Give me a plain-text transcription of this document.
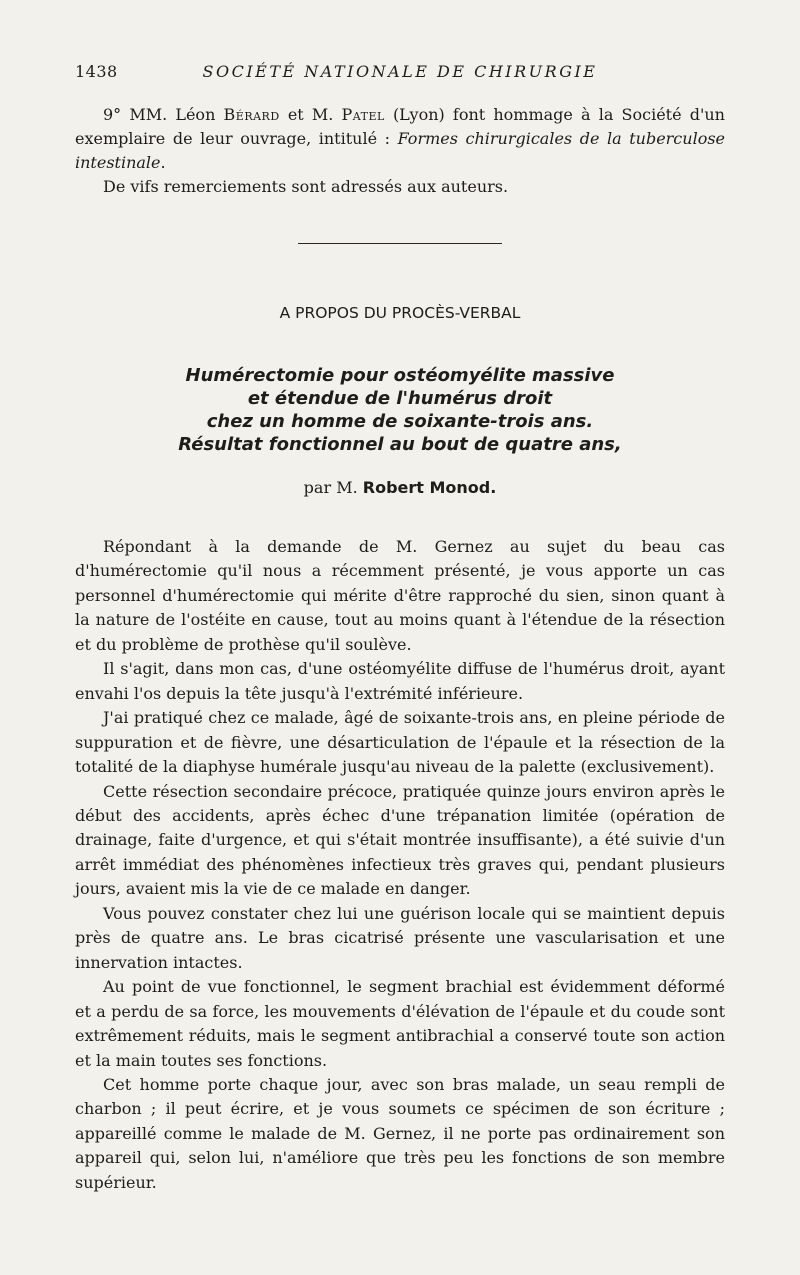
1438	SOCIÉTÉ NATIONALE DE CHIRURGIE

9° MM. Léon Bérard et M. Patel (Lyon) font hommage à la Société d'un exemplaire de leur ouvrage, intitulé : Formes chirurgicales de la tuberculose intestinale.

De vifs remerciements sont adressés aux auteurs.

A PROPOS DU PROCÈS-VERBAL
Humérectomie pour ostéomyélite massive
et étendue de l'humérus droit
chez un homme de soixante-trois ans.
Résultat fonctionnel au bout de quatre ans,
par M. Robert Monod.

Répondant à la demande de M. Gernez au sujet du beau cas d'humérectomie qu'il nous a récemment présenté, je vous apporte un cas personnel d'humérectomie qui mérite d'être rapproché du sien, sinon quant à la nature de l'ostéite en cause, tout au moins quant à l'étendue de la résection et du problème de prothèse qu'il soulève.

Il s'agit, dans mon cas, d'une ostéomyélite diffuse de l'humérus droit, ayant envahi l'os depuis la tête jusqu'à l'extrémité inférieure.

J'ai pratiqué chez ce malade, âgé de soixante-trois ans, en pleine période de suppuration et de fièvre, une désarticulation de l'épaule et la résection de la totalité de la diaphyse humérale jusqu'au niveau de la palette (exclusivement).

Cette résection secondaire précoce, pratiquée quinze jours environ après le début des accidents, après échec d'une trépanation limitée (opération de drainage, faite d'urgence, et qui s'était montrée insuffisante), a été suivie d'un arrêt immédiat des phénomènes infectieux très graves qui, pendant plusieurs jours, avaient mis la vie de ce malade en danger.

Vous pouvez constater chez lui une guérison locale qui se maintient depuis près de quatre ans. Le bras cicatrisé présente une vascularisation et une innervation intactes.

Au point de vue fonctionnel, le segment brachial est évidemment déformé et a perdu de sa force, les mouvements d'élévation de l'épaule et du coude sont extrêmement réduits, mais le segment antibrachial a conservé toute son action et la main toutes ses fonctions.

Cet homme porte chaque jour, avec son bras malade, un seau rempli de charbon ; il peut écrire, et je vous soumets ce spécimen de son écriture ; appareillé comme le malade de M. Gernez, il ne porte pas ordinairement son appareil qui, selon lui, n'améliore que très peu les fonctions de son membre supérieur.
